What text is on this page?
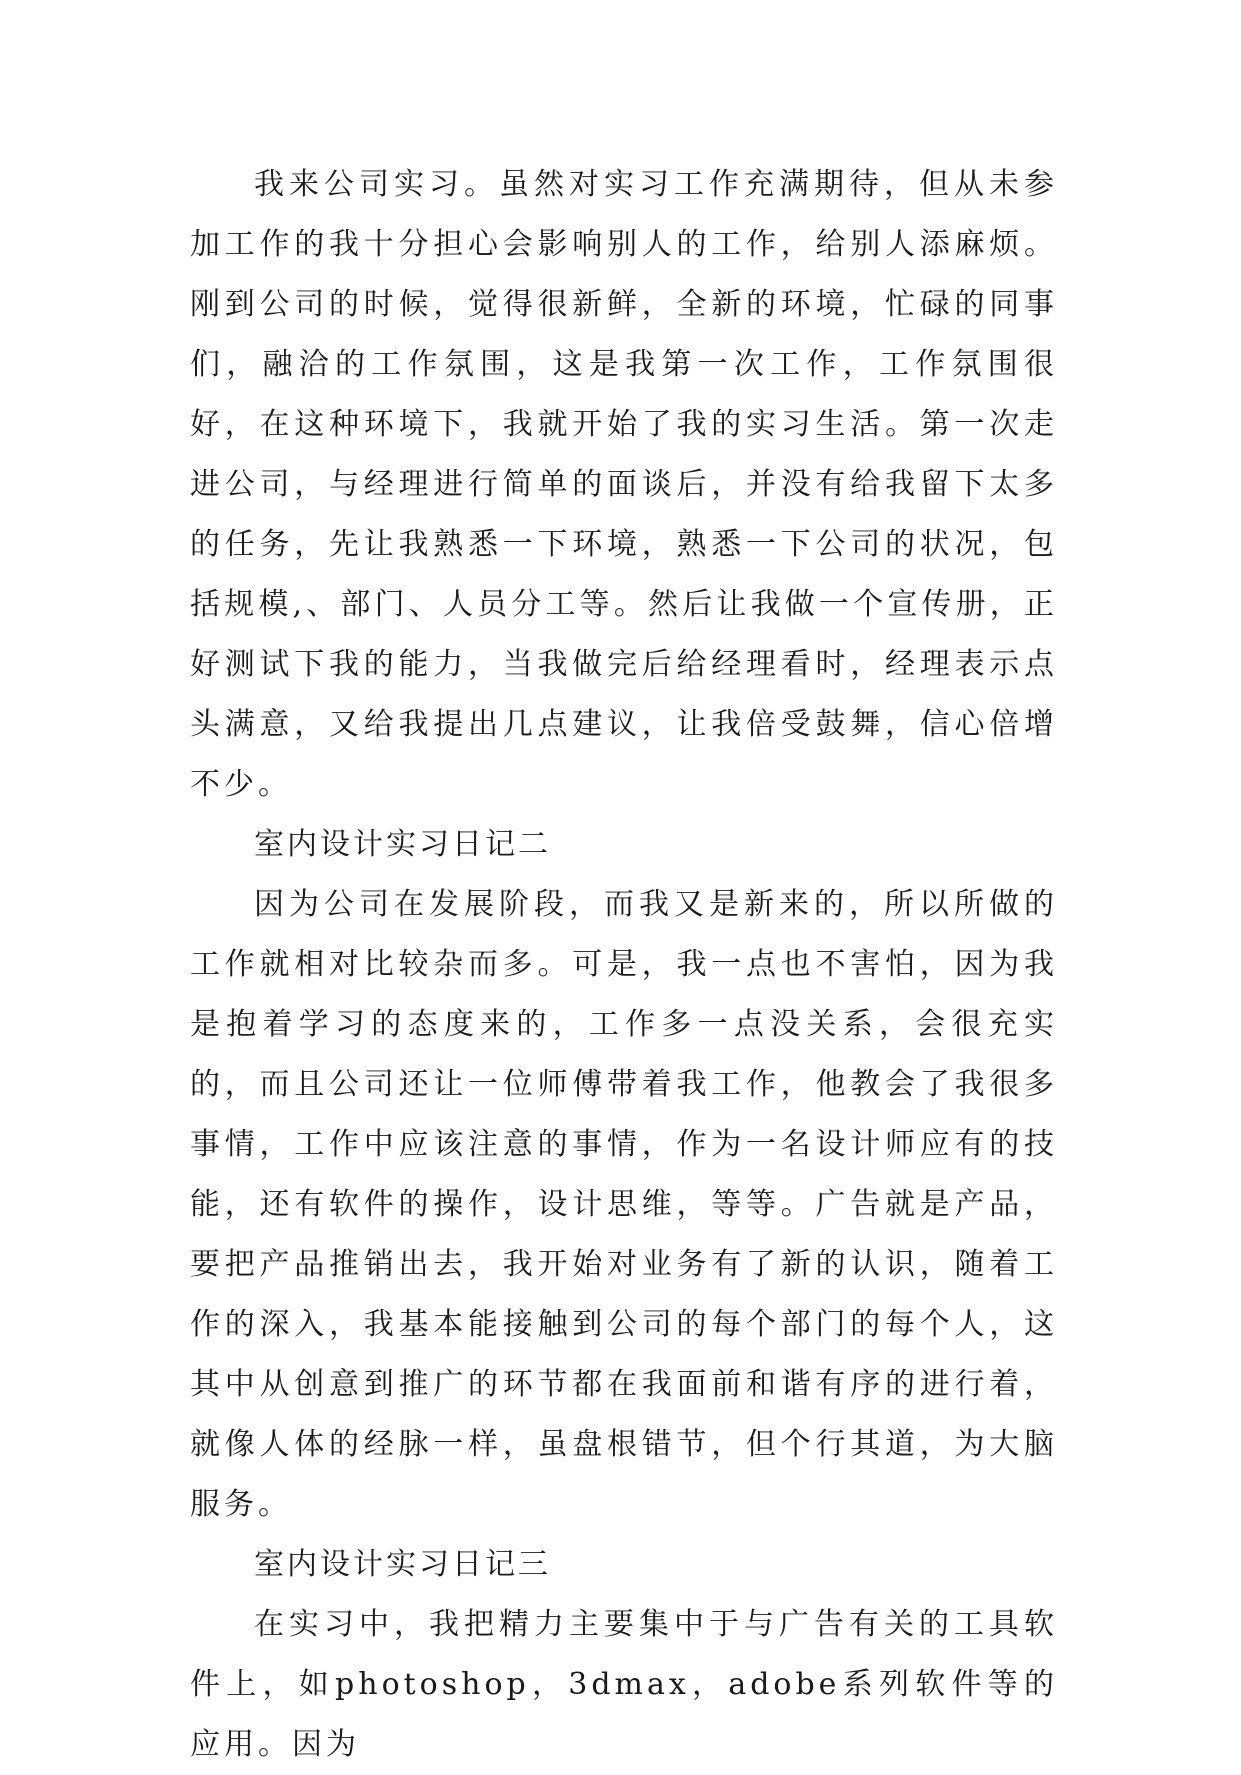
我来公司实习。虽然对实习工作充满期待，但从未参加工作的我十分担心会影响别人的工作，给别人添麻烦。刚到公司的时候，觉得很新鲜，全新的环境，忙碌的同事们，融洽的工作氛围，这是我第一次工作，工作氛围很好，在这种环境下，我就开始了我的实习生活。第一次走进公司，与经理进行简单的面谈后，并没有给我留下太多的任务，先让我熟悉一下环境，熟悉一下公司的状况，包括规模,、部门、人员分工等。然后让我做一个宣传册，正好测试下我的能力，当我做完后给经理看时，经理表示点头满意，又给我提出几点建议，让我倍受鼓舞，信心倍增不少。

室内设计实习日记二

因为公司在发展阶段，而我又是新来的，所以所做的工作就相对比较杂而多。可是，我一点也不害怕，因为我是抱着学习的态度来的，工作多一点没关系，会很充实的，而且公司还让一位师傅带着我工作，他教会了我很多事情，工作中应该注意的事情，作为一名设计师应有的技能，还有软件的操作，设计思维，等等。广告就是产品，要把产品推销出去，我开始对业务有了新的认识，随着工作的深入，我基本能接触到公司的每个部门的每个人，这其中从创意到推广的环节都在我面前和谐有序的进行着，就像人体的经脉一样，虽盘根错节，但个行其道，为大脑服务。

室内设计实习日记三

在实习中，我把精力主要集中于与广告有关的工具软件上，如photoshop，3dmax，adobe系列软件等的应用。因为
